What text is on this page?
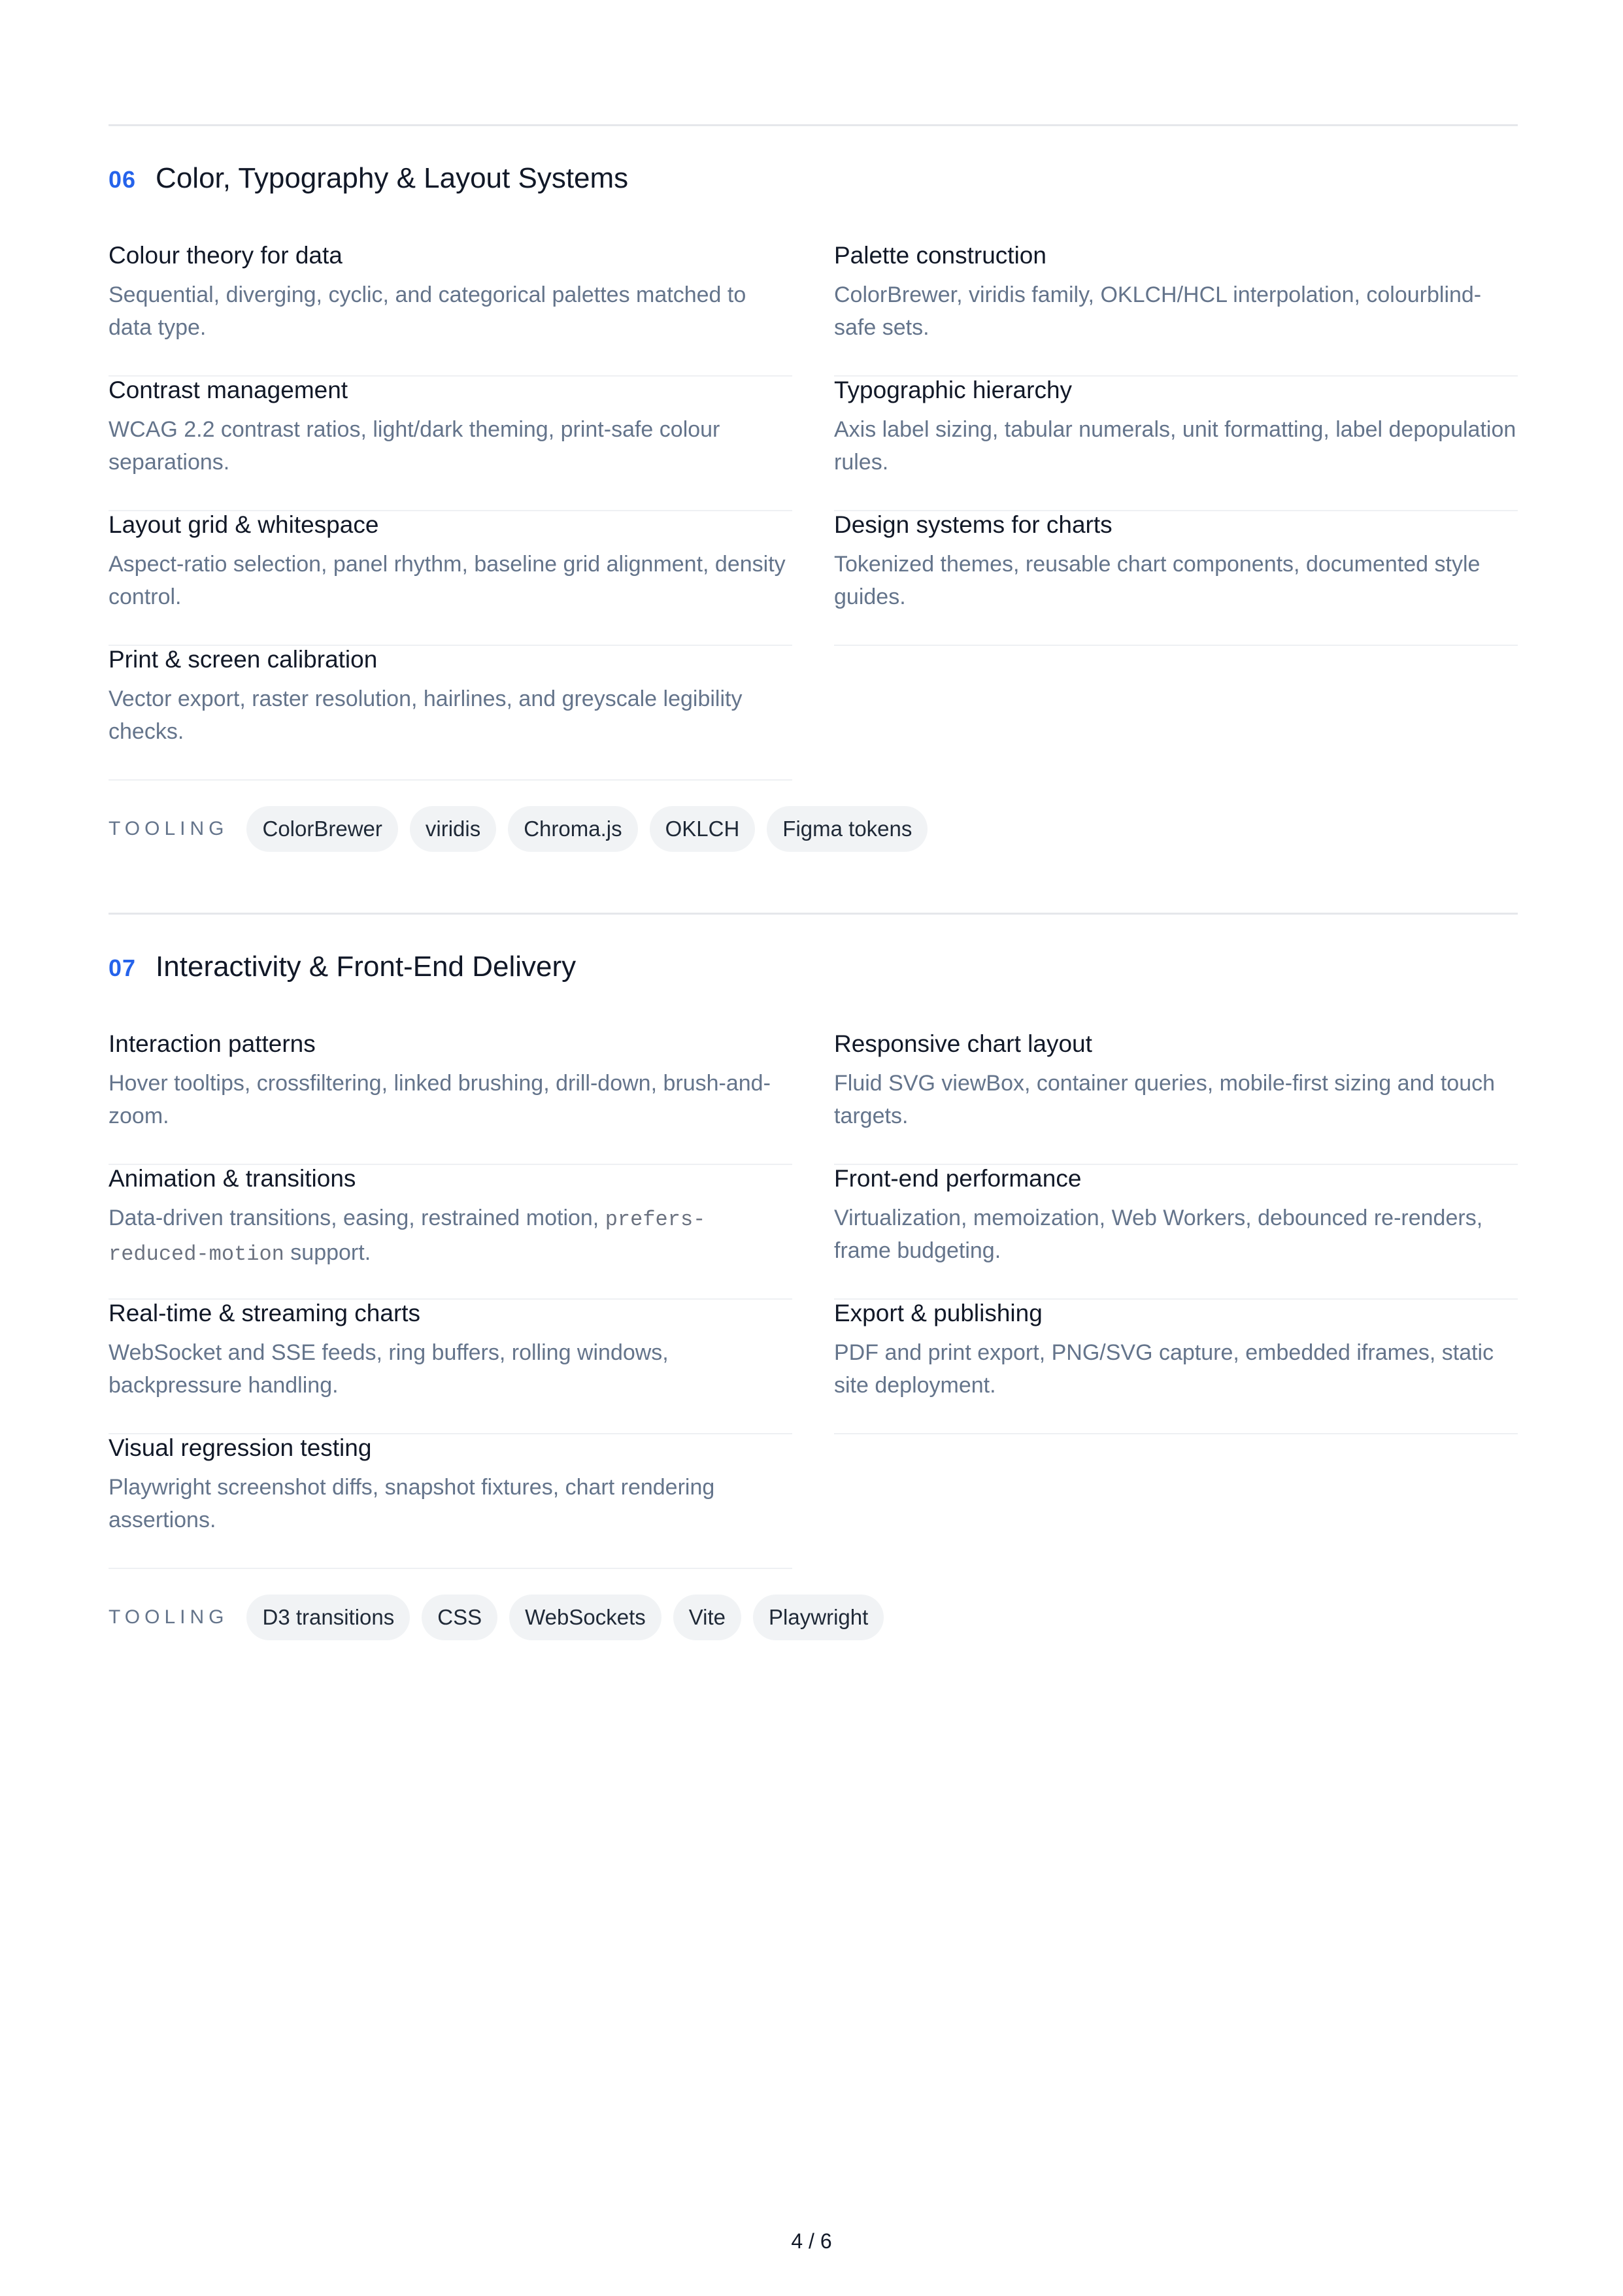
06 Color, Typography & Layout Systems
Colour theory for data
Sequential, diverging, cyclic, and categorical palettes matched to data type.
Palette construction
ColorBrewer, viridis family, OKLCH/HCL interpolation, colourblind-safe sets.
Contrast management
WCAG 2.2 contrast ratios, light/dark theming, print-safe colour separations.
Typographic hierarchy
Axis label sizing, tabular numerals, unit formatting, label depopulation rules.
Layout grid & whitespace
Aspect-ratio selection, panel rhythm, baseline grid alignment, density control.
Design systems for charts
Tokenized themes, reusable chart components, documented style guides.
Print & screen calibration
Vector export, raster resolution, hairlines, and greyscale legibility checks.
TOOLING	ColorBrewer	viridis	Chroma.js	OKLCH	Figma tokens
07 Interactivity & Front-End Delivery
Interaction patterns
Hover tooltips, crossfiltering, linked brushing, drill-down, brush-and-zoom.
Responsive chart layout
Fluid SVG viewBox, container queries, mobile-first sizing and touch targets.
Animation & transitions
Data-driven transitions, easing, restrained motion, prefers-reduced-motion support.
Front-end performance
Virtualization, memoization, Web Workers, debounced re-renders, frame budgeting.
Real-time & streaming charts
WebSocket and SSE feeds, ring buffers, rolling windows, backpressure handling.
Export & publishing
PDF and print export, PNG/SVG capture, embedded iframes, static site deployment.
Visual regression testing
Playwright screenshot diffs, snapshot fixtures, chart rendering assertions.
TOOLING	D3 transitions	CSS	WebSockets	Vite	Playwright
4 / 6
